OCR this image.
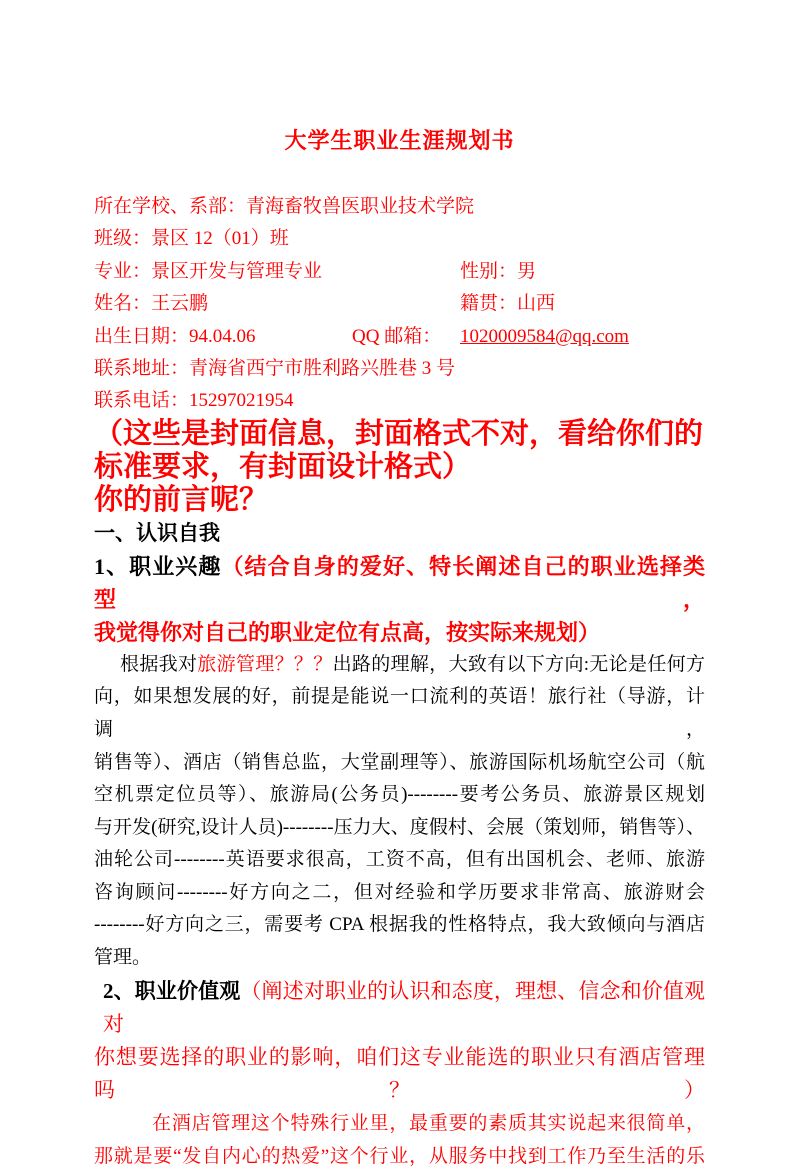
大学生职业生涯规划书
所在学校、系部：青海畜牧兽医职业技术学院
班级：景区 12（01）班
专业：景区开发与管理专业	性别：男
姓名：王云鹏	籍贯：山西
出生日期：94.04.06	QQ 邮箱： 1020009584@qq.com
联系地址：青海省西宁市胜利路兴胜巷 3 号
联系电话：15297021954
（这些是封面信息，封面格式不对，看给你们的
标准要求，有封面设计格式）
你的前言呢？
一、认识自我
1、职业兴趣（结合自身的爱好、特长阐述自己的职业选择类型，
我觉得你对自己的职业定位有点高，按实际来规划）
根据我对旅游管理？？？出路的理解，大致有以下方向:无论是任何方
向，如果想发展的好，前提是能说一口流利的英语！旅行社（导游，计调，
销售等）、酒店（销售总监，大堂副理等）、旅游国际机场航空公司（航
空机票定位员等）、旅游局(公务员)--------要考公务员、旅游景区规划
与开发(研究,设计人员)--------压力大、度假村、会展（策划师，销售等）、
油轮公司--------英语要求很高，工资不高，但有出国机会、老师、旅游
咨询顾问--------好方向之二，但对经验和学历要求非常高、旅游财会
--------好方向之三，需要考 CPA 根据我的性格特点，我大致倾向与酒店
管理。
2、职业价值观（阐述对职业的认识和态度，理想、信念和价值观对
你想要选择的职业的影响，咱们这专业能选的职业只有酒店管理吗？）
在酒店管理这个特殊行业里，最重要的素质其实说起来很简单，
那就是要“发自内心的热爱”这个行业，从服务中找到工作乃至生活的乐
